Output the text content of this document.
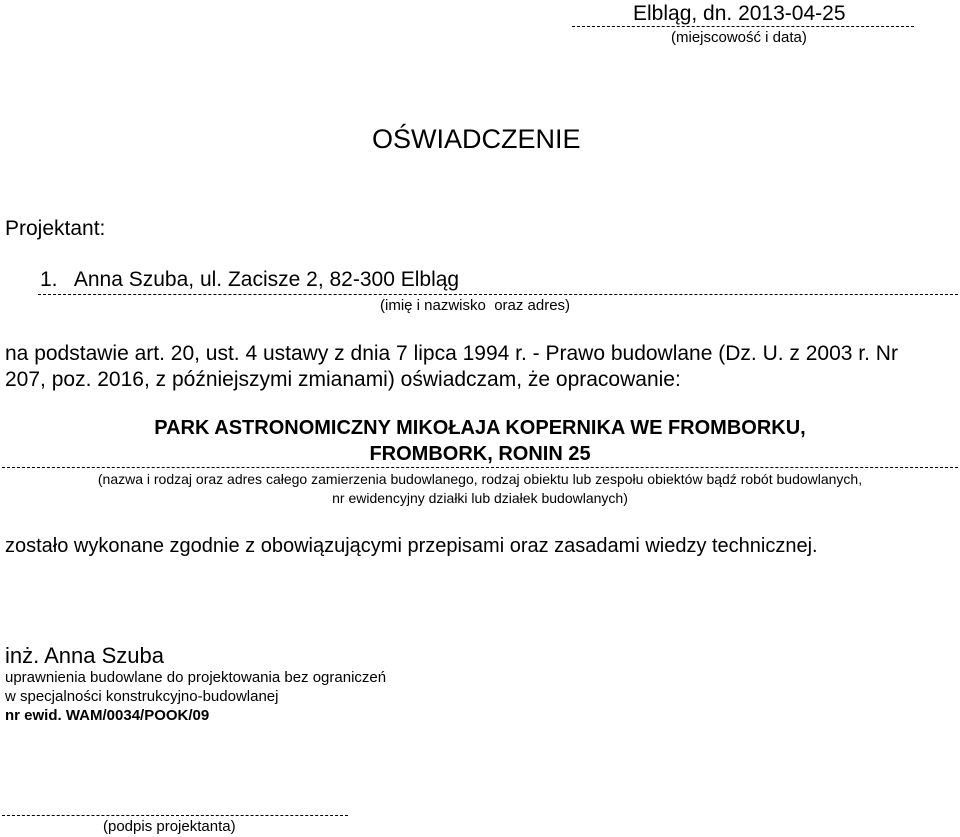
Elbląg, dn. 2013-04-25
(miejscowość i data)
OŚWIADCZENIE
Projektant:
1.   Anna Szuba, ul. Zacisze 2, 82-300 Elbląg
(imię i nazwisko  oraz adres)
na podstawie art. 20, ust. 4 ustawy z dnia 7 lipca 1994 r. - Prawo budowlane (Dz. U. z 2003 r. Nr
207, poz. 2016, z późniejszymi zmianami) oświadczam, że opracowanie:
PARK ASTRONOMICZNY MIKOŁAJA KOPERNIKA WE FROMBORKU,
FROMBORK, RONIN 25
(nazwa i rodzaj oraz adres całego zamierzenia budowlanego, rodzaj obiektu lub zespołu obiektów bądź robót budowlanych,
nr ewidencyjny działki lub działek budowlanych)
zostało wykonane zgodnie z obowiązującymi przepisami oraz zasadami wiedzy technicznej.
inż. Anna Szuba
uprawnienia budowlane do projektowania bez ograniczeń
w specjalności konstrukcyjno-budowlanej
nr ewid. WAM/0034/POOK/09
(podpis projektanta)
